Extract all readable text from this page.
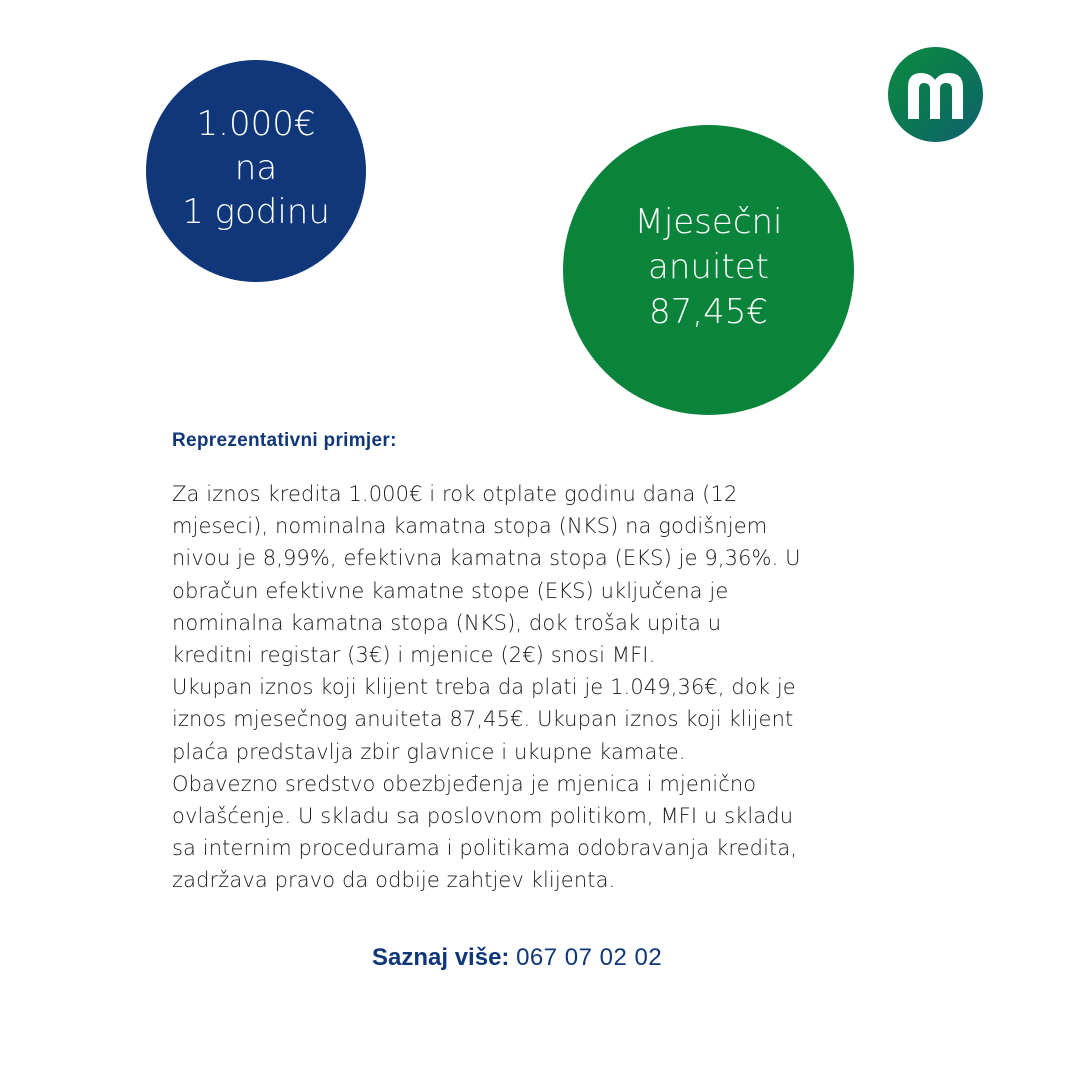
1.000€
na
1 godinu	Mjesečni
anuitet
87,45€
Reprezentativni primjer:

Za iznos kredita 1.000€ i rok otplate godinu dana (12

mjeseci), nominalna kamatna stopa (NKS) na godišnjem

nivou je 8,99%, efektivna kamatna stopa (EKS) je 9,36%. U

obračun efektivne kamatne stope (EKS) uključena je

nominalna kamatna stopa (NKS), dok trošak upita u

kreditni registar (3€) i mjenice (2€) snosi MFI.

Ukupan iznos koji klijent treba da plati je 1.049,36€, dok je

iznos mjesečnog anuiteta 87,45€. Ukupan iznos koji klijent

plaća predstavlja zbir glavnice i ukupne kamate.

Obavezno sredstvo obezbjeđenja je mjenica i mjenično

ovlašćenje. U skladu sa poslovnom politikom, MFI u skladu

sa internim procedurama i politikama odobravanja kredita,

zadržava pravo da odbije zahtjev klijenta.

Saznaj više: 067 07 02 02
